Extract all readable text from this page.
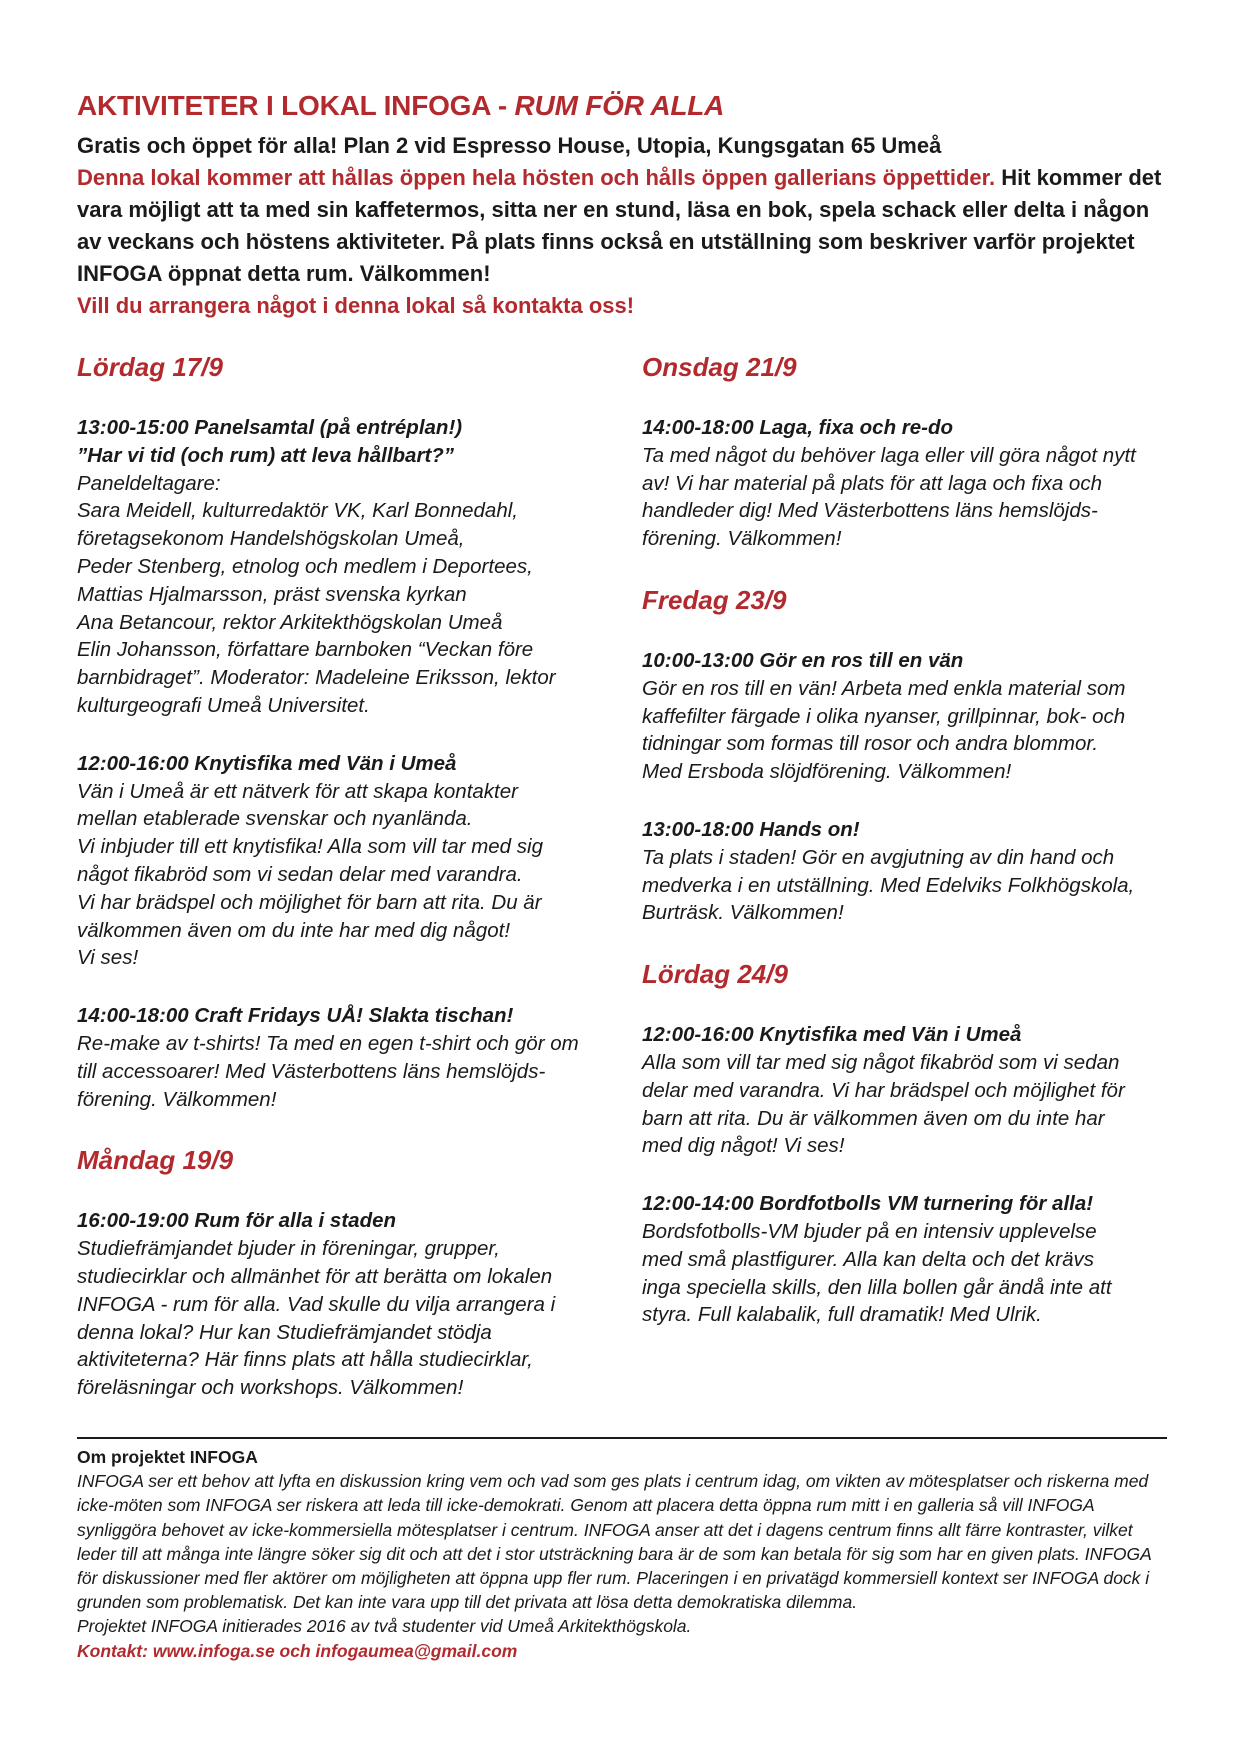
AKTIVITETER I LOKAL INFOGA - RUM FÖR ALLA

Gratis och öppet för alla! Plan 2 vid Espresso House, Utopia, Kungsgatan 65 Umeå

Denna lokal kommer att hållas öppen hela hösten och hålls öppen gallerians öppettider. Hit kommer det vara möjligt att ta med sin kaffetermos, sitta ner en stund, läsa en bok, spela schack eller delta i någon av veckans och höstens aktiviteter. På plats finns också en utställning som beskriver varför projektet INFOGA öppnat detta rum. Välkommen!

Vill du arrangera något i denna lokal så kontakta oss!

Lördag 17/9
13:00-15:00 Panelsamtal (på entréplan!)
”Har vi tid (och rum) att leva hållbart?”
Paneldeltagare:
Sara Meidell, kulturredaktör VK, Karl Bonnedahl,
företagsekonom Handelshögskolan Umeå,
Peder Stenberg, etnolog och medlem i Deportees,
Mattias Hjalmarsson, präst svenska kyrkan
Ana Betancour, rektor Arkitekthögskolan Umeå
Elin Johansson, författare barnboken “Veckan före
barnbidraget”. Moderator: Madeleine Eriksson, lektor
kulturgeografi Umeå Universitet.
12:00-16:00 Knytisfika med Vän i Umeå
Vän i Umeå är ett nätverk för att skapa kontakter
mellan etablerade svenskar och nyanlända.
Vi inbjuder till ett knytisfika! Alla som vill tar med sig
något fikabröd som vi sedan delar med varandra.
Vi har brädspel och möjlighet för barn att rita. Du är
välkommen även om du inte har med dig något!
Vi ses!
14:00-18:00 Craft Fridays UÅ! Slakta tischan!
Re-make av t-shirts! Ta med en egen t-shirt och gör om
till accessoarer! Med Västerbottens läns hemslöjds-
förening. Välkommen!
Måndag 19/9
16:00-19:00 Rum för alla i staden
Studiefrämjandet bjuder in föreningar, grupper,
studiecirklar och allmänhet för att berätta om lokalen
INFOGA - rum för alla. Vad skulle du vilja arrangera i
denna lokal? Hur kan Studiefrämjandet stödja
aktiviteterna? Här finns plats att hålla studiecirklar,
föreläsningar och workshops. Välkommen!
Onsdag 21/9
14:00-18:00 Laga, fixa och re-do
Ta med något du behöver laga eller vill göra något nytt
av! Vi har material på plats för att laga och fixa och
handleder dig! Med Västerbottens läns hemslöjds-
förening. Välkommen!
Fredag 23/9
10:00-13:00 Gör en ros till en vän
Gör en ros till en vän! Arbeta med enkla material som
kaffefilter färgade i olika nyanser, grillpinnar, bok- och
tidningar som formas till rosor och andra blommor.
Med Ersboda slöjdförening. Välkommen!
13:00-18:00 Hands on!
Ta plats i staden! Gör en avgjutning av din hand och
medverka i en utställning. Med Edelviks Folkhögskola,
Burträsk. Välkommen!
Lördag 24/9
12:00-16:00 Knytisfika med Vän i Umeå
Alla som vill tar med sig något fikabröd som vi sedan
delar med varandra. Vi har brädspel och möjlighet för
barn att rita. Du är välkommen även om du inte har
med dig något! Vi ses!
12:00-14:00 Bordfotbolls VM turnering för alla!
Bordsfotbolls-VM bjuder på en intensiv upplevelse
med små plastfigurer. Alla kan delta och det krävs
inga speciella skills, den lilla bollen går ändå inte att
styra. Full kalabalik, full dramatik! Med Ulrik.
Om projektet INFOGA

INFOGA ser ett behov att lyfta en diskussion kring vem och vad som ges plats i centrum idag, om vikten av mötesplatser och riskerna med icke-möten som INFOGA ser riskera att leda till icke-demokrati. Genom att placera detta öppna rum mitt i en galleria så vill INFOGA synliggöra behovet av icke-kommersiella mötesplatser i centrum. INFOGA anser att det i dagens centrum finns allt färre kontraster, vilket leder till att många inte längre söker sig dit och att det i stor utsträckning bara är de som kan betala för sig som har en given plats. INFOGA för diskussioner med fler aktörer om möjligheten att öppna upp fler rum. Placeringen i en privatägd kommersiell kontext ser INFOGA dock i grunden som problematisk. Det kan inte vara upp till det privata att lösa detta demokratiska dilemma.

Projektet INFOGA initierades 2016 av två studenter vid Umeå Arkitekthögskola.

Kontakt: www.infoga.se och infogaumea@gmail.com
